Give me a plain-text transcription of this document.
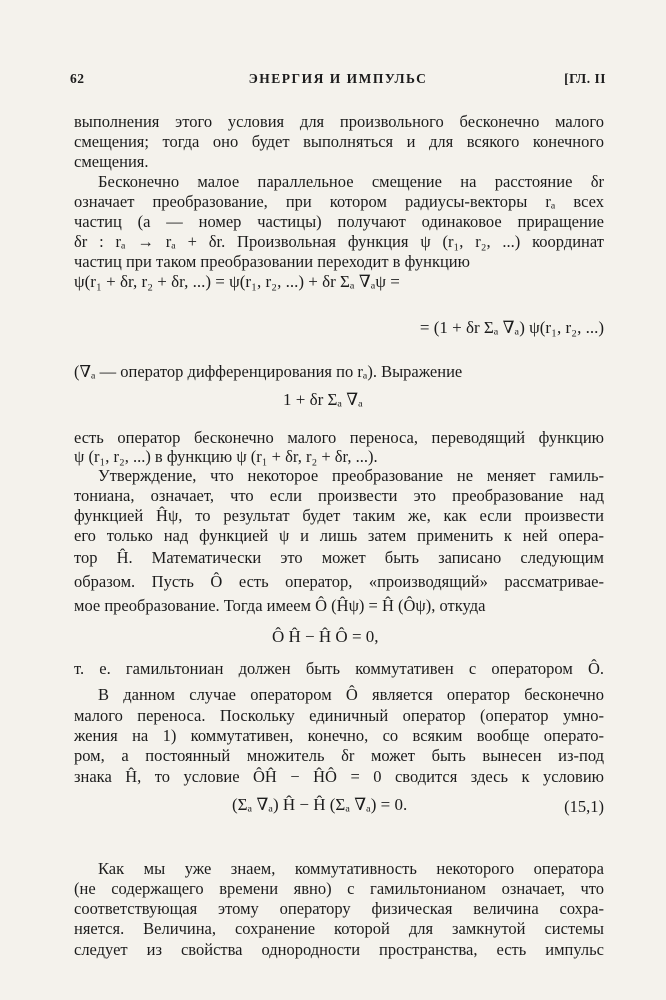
62	ЭНЕРГИЯ И ИМПУЛЬС	[ГЛ. II
выполнения этого условия для произвольного бесконечно малого
смещения; тогда оно будет выполняться и для всякого конечного
смещения.
Бесконечно малое параллельное смещение на расстояние δr
означает преобразование, при котором радиусы-векторы rₐ всех
частиц (a — номер частицы) получают одинаковое приращение
δr : rₐ → rₐ + δr. Произвольная функция ψ (r₁, r₂, ...) координат
частиц при таком преобразовании переходит в функцию
ψ(r₁ + δr, r₂ + δr, ...) = ψ(r₁, r₂, ...) + δr Σₐ ∇ₐψ =
= (1 + δr Σₐ ∇ₐ) ψ(r₁, r₂, ...)
(∇ₐ — оператор дифференцирования по rₐ). Выражение
1 + δr Σₐ ∇ₐ
есть оператор бесконечно малого переноса, переводящий функцию
ψ (r₁, r₂, ...) в функцию ψ (r₁ + δr, r₂ + δr, ...).
Утверждение, что некоторое преобразование не меняет гамиль-
тониана, означает, что если произвести это преобразование над
функцией Ĥψ, то результат будет таким же, как если произвести
его только над функцией ψ и лишь затем применить к ней опера-
тор Ĥ. Математически это может быть записано следующим
образом. Пусть Ô есть оператор, «производящий» рассматривае-
мое преобразование. Тогда имеем Ô (Ĥψ) = Ĥ (Ôψ), откуда
Ô Ĥ − Ĥ Ô = 0,
т. е. гамильтониан должен быть коммутативен с оператором Ô.
В данном случае оператором Ô является оператор бесконечно
малого переноса. Поскольку единичный оператор (оператор умно-
жения на 1) коммутативен, конечно, со всяким вообще операто-
ром, а постоянный множитель δr может быть вынесен из-под
знака Ĥ, то условие ÔĤ − ĤÔ = 0 сводится здесь к условию
(Σₐ ∇ₐ) Ĥ − Ĥ (Σₐ ∇ₐ) = 0.	(15,1)
Как мы уже знаем, коммутативность некоторого оператора
(не содержащего времени явно) с гамильтонианом означает, что
соответствующая этому оператору физическая величина сохра-
няется. Величина, сохранение которой для замкнутой системы
следует из свойства однородности пространства, есть импульс
